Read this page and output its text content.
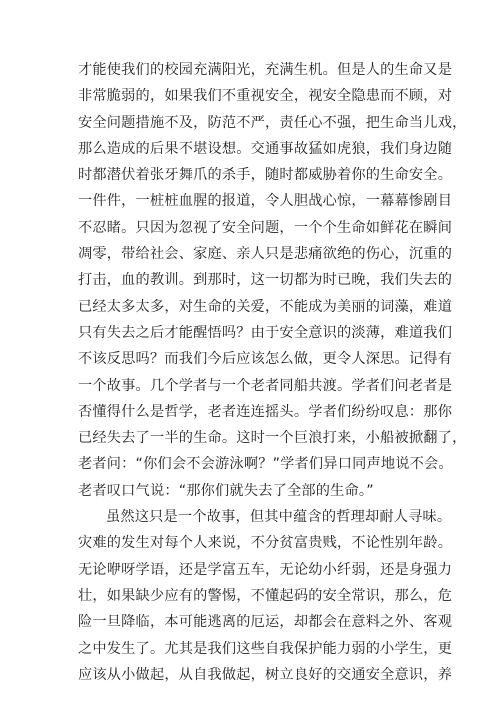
才能使我们的校园充满阳光，充满生机。但是人的生命又是
非常脆弱的，如果我们不重视安全，视安全隐患而不顾，对
安全问题措施不及，防范不严，责任心不强，把生命当儿戏，
那么造成的后果不堪设想。交通事故猛如虎狼，我们身边随
时都潜伏着张牙舞爪的杀手，随时都威胁着你的生命安全。
一件件，一桩桩血腥的报道，令人胆战心惊，一幕幕惨剧目
不忍睹。只因为忽视了安全问题，一个个生命如鲜花在瞬间
凋零，带给社会、家庭、亲人只是悲痛欲绝的伤心，沉重的
打击，血的教训。到那时，这一切都为时已晚，我们失去的
已经太多太多，对生命的关爱，不能成为美丽的词藻，难道
只有失去之后才能醒悟吗？由于安全意识的淡薄，难道我们
不该反思吗？而我们今后应该怎么做，更令人深思。记得有
一个故事。几个学者与一个老者同船共渡。学者们问老者是
否懂得什么是哲学，老者连连摇头。学者们纷纷叹息：那你
已经失去了一半的生命。这时一个巨浪打来，小船被掀翻了，
老者问：“你们会不会游泳啊？”学者们异口同声地说不会。
老者叹口气说：“那你们就失去了全部的生命。”
虽然这只是一个故事，但其中蕴含的哲理却耐人寻味。
灾难的发生对每个人来说，不分贫富贵贱，不论性别年龄。
无论咿呀学语，还是学富五车，无论幼小纤弱，还是身强力
壮，如果缺少应有的警惕，不懂起码的安全常识，那么，危
险一旦降临，本可能逃离的厄运，却都会在意料之外、客观
之中发生了。尤其是我们这些自我保护能力弱的小学生，更
应该从小做起，从自我做起，树立良好的交通安全意识，养
